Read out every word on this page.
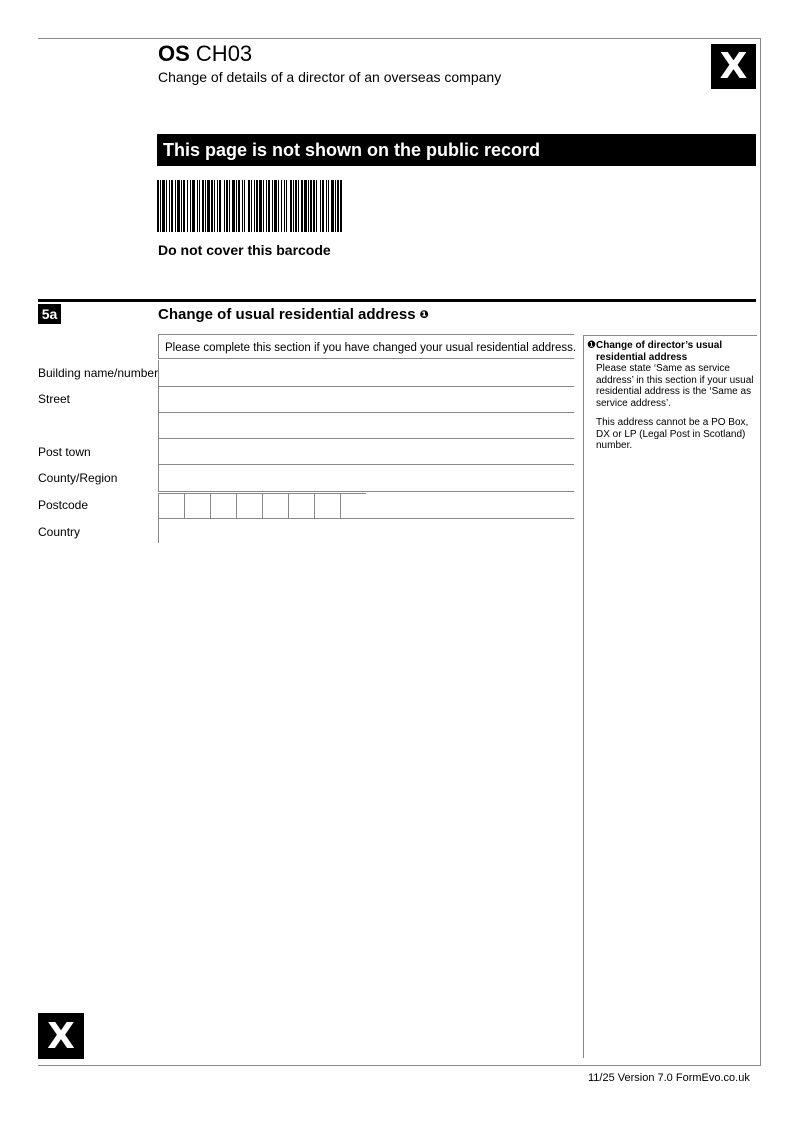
OS CH03
Change of details of a director of an overseas company	X
This page is not shown on the public record
Do not cover this barcode
5a	Change of usual residential address ❶
Please complete this section if you have changed your usual residential address.
Building name/number
Street
Post town
County/Region
Postcode
Country
❶ Change of director’s usual residential address
Please state ‘Same as service address’ in this section if your usual residential address is the ‘Same as service address’.
This address cannot be a PO Box, DX or LP (Legal Post in Scotland) number.
X
11/25 Version 7.0 FormEvo.co.uk
